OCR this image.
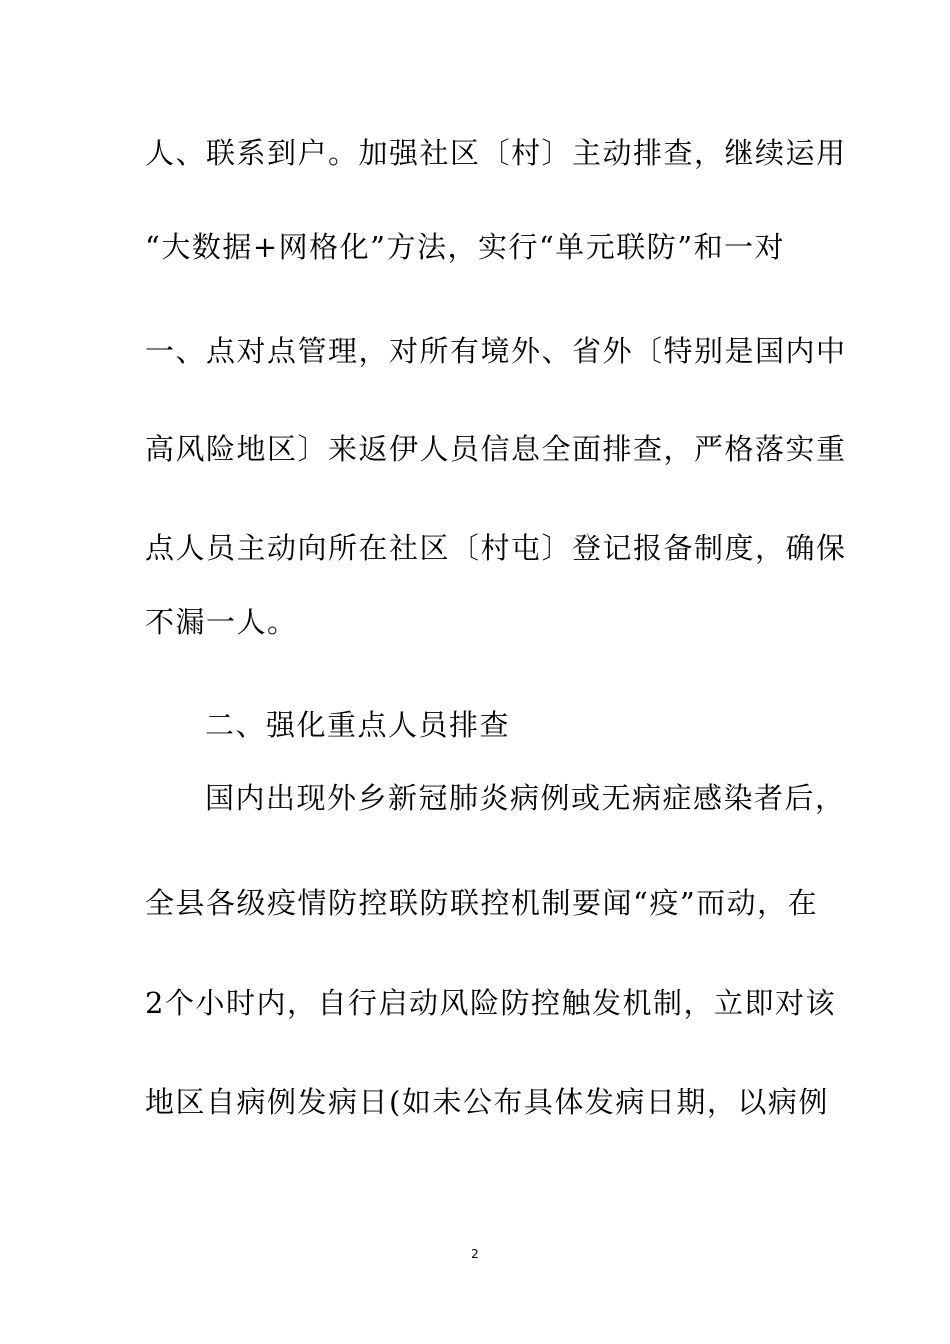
人、联系到户。加强社区〔村〕主动排查，继续运用
“大数据+网格化”方法，实行“单元联防”和一对
一、点对点管理，对所有境外、省外〔特别是国内中
高风险地区〕来返伊人员信息全面排查，严格落实重
点人员主动向所在社区〔村屯〕登记报备制度，确保
不漏一人。
二、强化重点人员排查
国内出现外乡新冠肺炎病例或无病症感染者后，
全县各级疫情防控联防联控机制要闻“疫”而动，在
2个小时内，自行启动风险防控触发机制，立即对该
地区自病例发病日(如未公布具体发病日期，以病例
2
